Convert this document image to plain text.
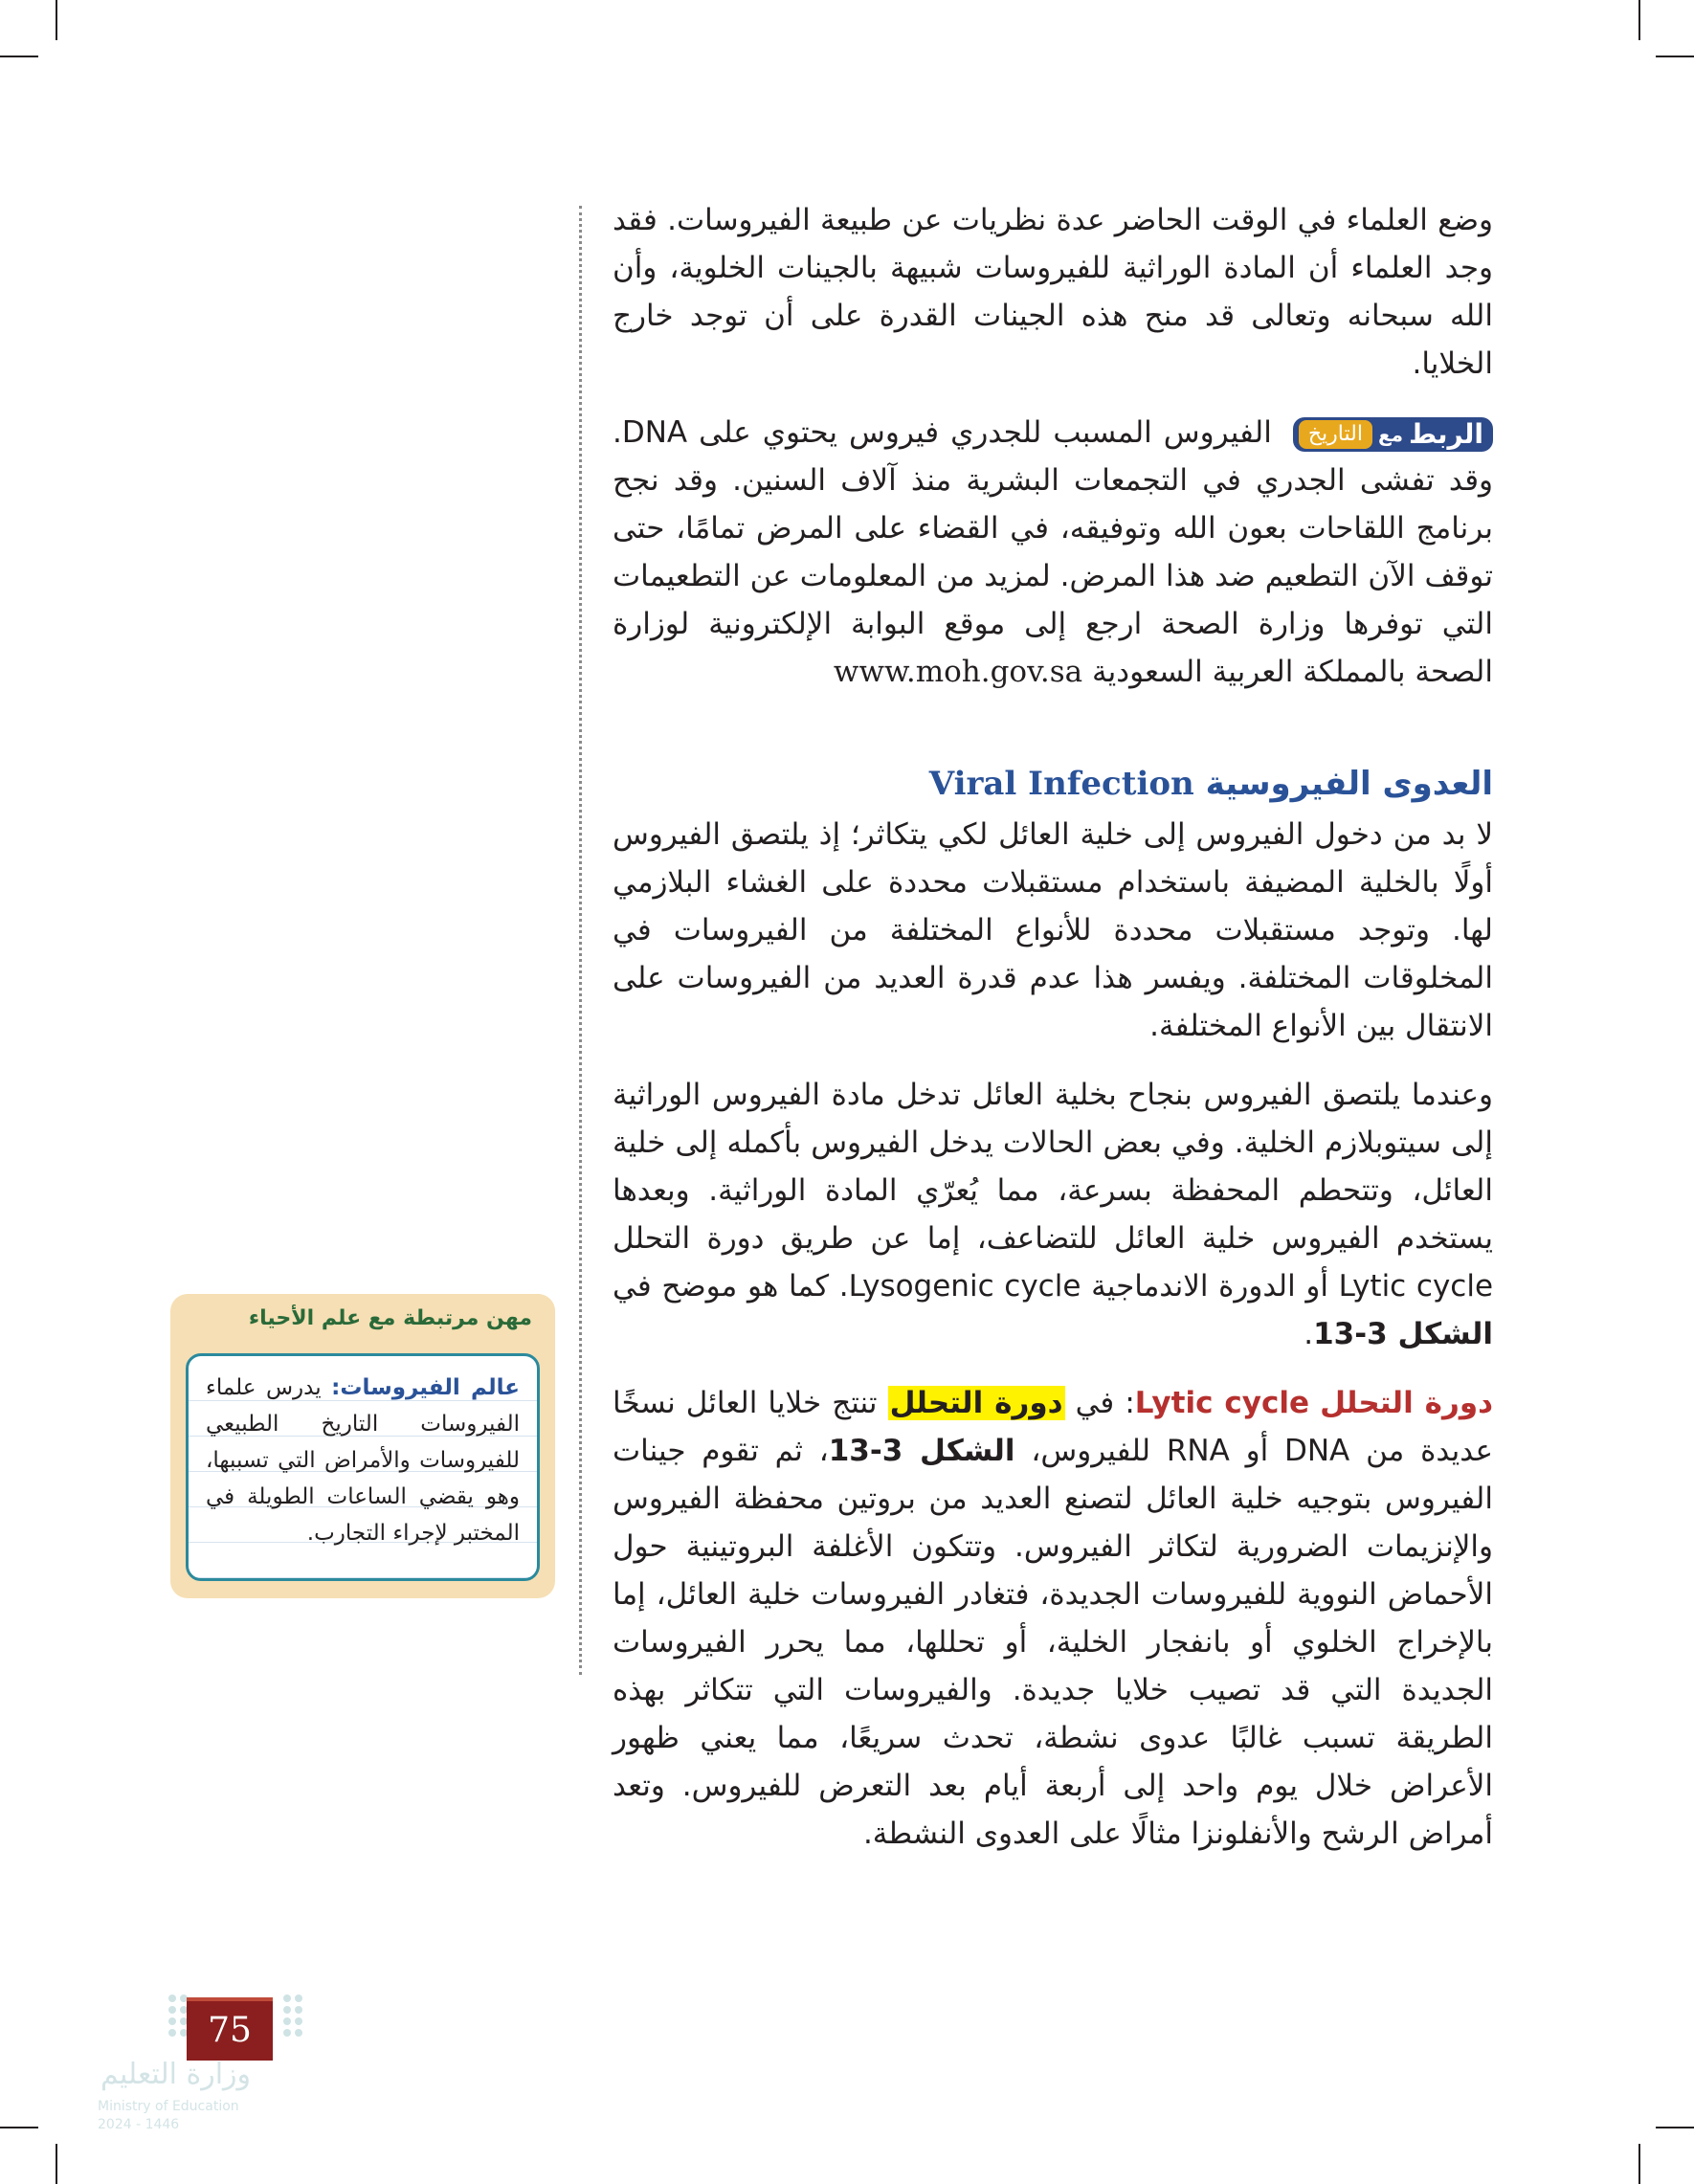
وضع العلماء في الوقت الحاضر عدة نظريات عن طبيعة الفيروسات. فقد وجد العلماء أن المادة الوراثية للفيروسات شبيهة بالجينات الخلوية، وأن الله سبحانه وتعالى قد منح هذه الجينات القدرة على أن توجد خارج الخلايا.

الربط
مع
التاريخ
الفيروس المسبب للجدري فيروس يحتوي على DNA. وقد تفشى الجدري في التجمعات البشرية منذ آلاف السنين. وقد نجح برنامج اللقاحات بعون الله وتوفيقه، في القضاء على المرض تمامًا، حتى توقف الآن التطعيم ضد هذا المرض. لمزيد من المعلومات عن التطعيمات التي توفرها وزارة الصحة ارجع إلى موقع البوابة الإلكترونية لوزارة الصحة بالمملكة العربية السعودية www.moh.gov.sa

العدوى الفيروسية Viral Infection

لا بد من دخول الفيروس إلى خلية العائل لكي يتكاثر؛ إذ يلتصق الفيروس أولًا بالخلية المضيفة باستخدام مستقبلات محددة على الغشاء البلازمي لها. وتوجد مستقبلات محددة للأنواع المختلفة من الفيروسات في المخلوقات المختلفة. ويفسر هذا عدم قدرة العديد من الفيروسات على الانتقال بين الأنواع المختلفة.

وعندما يلتصق الفيروس بنجاح بخلية العائل تدخل مادة الفيروس الوراثية إلى سيتوبلازم الخلية. وفي بعض الحالات يدخل الفيروس بأكمله إلى خلية العائل، وتتحطم المحفظة بسرعة، مما يُعرّي المادة الوراثية. وبعدها يستخدم الفيروس خلية العائل للتضاعف، إما عن طريق دورة التحلل Lytic cycle أو الدورة الاندماجية Lysogenic cycle. كما هو موضح في الشكل 3-13.

دورة التحلل Lytic cycle: في دورة التحلل تنتج خلايا العائل نسخًا عديدة من DNA أو RNA للفيروس، الشكل 3-13، ثم تقوم جينات الفيروس بتوجيه خلية العائل لتصنع العديد من بروتين محفظة الفيروس والإنزيمات الضرورية لتكاثر الفيروس. وتتكون الأغلفة البروتينية حول الأحماض النووية للفيروسات الجديدة، فتغادر الفيروسات خلية العائل، إما بالإخراج الخلوي أو بانفجار الخلية، أو تحللها، مما يحرر الفيروسات الجديدة التي قد تصيب خلايا جديدة. والفيروسات التي تتكاثر بهذه الطريقة تسبب غالبًا عدوى نشطة، تحدث سريعًا، مما يعني ظهور الأعراض خلال يوم واحد إلى أربعة أيام بعد التعرض للفيروس. وتعد أمراض الرشح والأنفلونزا مثالًا على العدوى النشطة.

مهن مرتبطة مع علم الأحياء
عالم الفيروسات: يدرس علماء الفيروسات التاريخ الطبيعي للفيروسات والأمراض التي تسببها، وهو يقضي الساعات الطويلة في المختبر لإجراء التجارب.
75
وزارة التعليم
Ministry of Education
2024 - 1446
